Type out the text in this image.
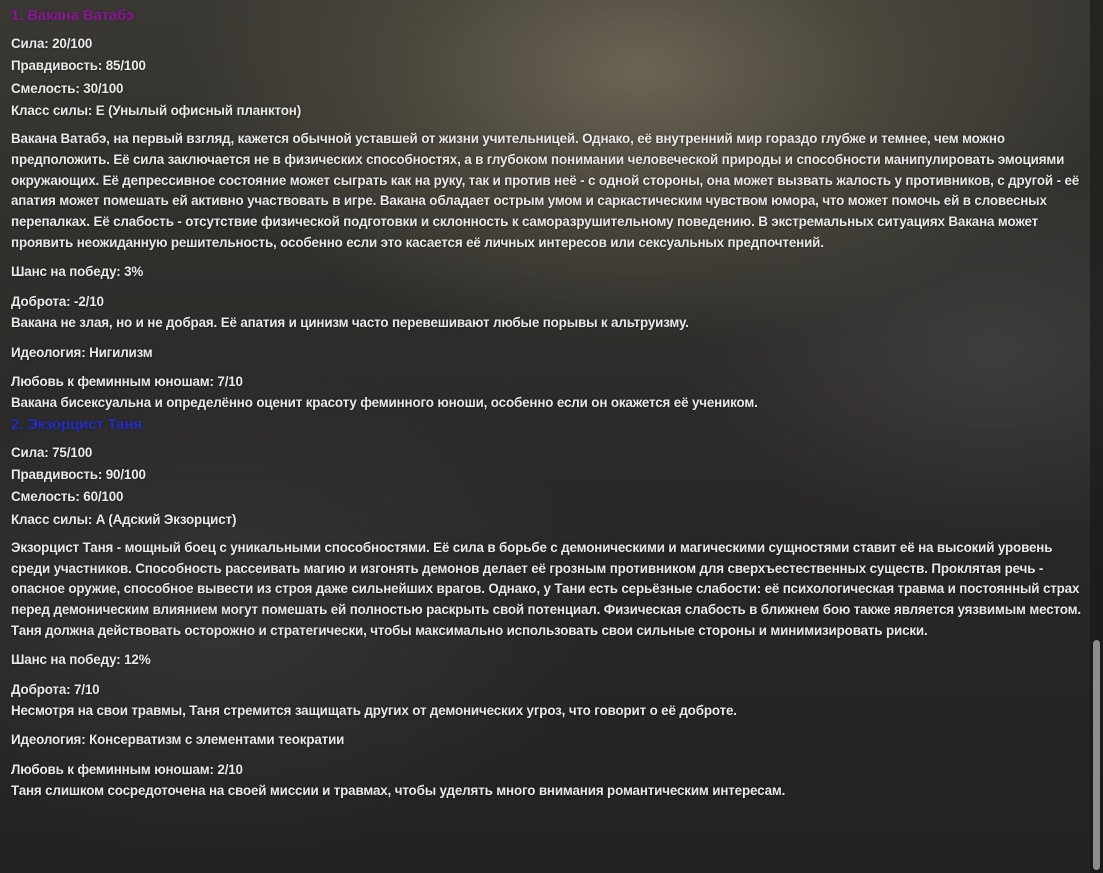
1. Вакана Ватабэ
Сила: 20/100
Правдивость: 85/100
Смелость: 30/100
Класс силы: E (Унылый офисный планктон)

Вакана Ватабэ, на первый взгляд, кажется обычной уставшей от жизни учительницей. Однако, её внутренний мир гораздо глубже и темнее, чем можно предположить. Её сила заключается не в физических способностях, а в глубоком понимании человеческой природы и способности манипулировать эмоциями окружающих. Её депрессивное состояние может сыграть как на руку, так и против неё - с одной стороны, она может вызвать жалость у противников, с другой - её апатия может помешать ей активно участвовать в игре. Вакана обладает острым умом и саркастическим чувством юмора, что может помочь ей в словесных перепалках. Её слабость - отсутствие физической подготовки и склонность к саморазрушительному поведению. В экстремальных ситуациях Вакана может проявить неожиданную решительность, особенно если это касается её личных интересов или сексуальных предпочтений.

Шанс на победу: 3%
Доброта: -2/10
Вакана не злая, но и не добрая. Её апатия и цинизм часто перевешивают любые порывы к альтруизму.
Идеология: Нигилизм
Любовь к феминным юношам: 7/10
Вакана бисексуальна и определённо оценит красоту феминного юноши, особенно если он окажется её учеником.
2. Экзорцист Таня
Сила: 75/100
Правдивость: 90/100
Смелость: 60/100
Класс силы: A (Адский Экзорцист)

Экзорцист Таня - мощный боец с уникальными способностями. Её сила в борьбе с демоническими и магическими сущностями ставит её на высокий уровень среди участников. Способность рассеивать магию и изгонять демонов делает её грозным противником для сверхъестественных существ. Проклятая речь - опасное оружие, способное вывести из строя даже сильнейших врагов. Однако, у Тани есть серьёзные слабости: её психологическая травма и постоянный страх перед демоническим влиянием могут помешать ей полностью раскрыть свой потенциал. Физическая слабость в ближнем бою также является уязвимым местом. Таня должна действовать осторожно и стратегически, чтобы максимально использовать свои сильные стороны и минимизировать риски.

Шанс на победу: 12%
Доброта: 7/10
Несмотря на свои травмы, Таня стремится защищать других от демонических угроз, что говорит о её доброте.
Идеология: Консерватизм с элементами теократии
Любовь к феминным юношам: 2/10
Таня слишком сосредоточена на своей миссии и травмах, чтобы уделять много внимания романтическим интересам.
